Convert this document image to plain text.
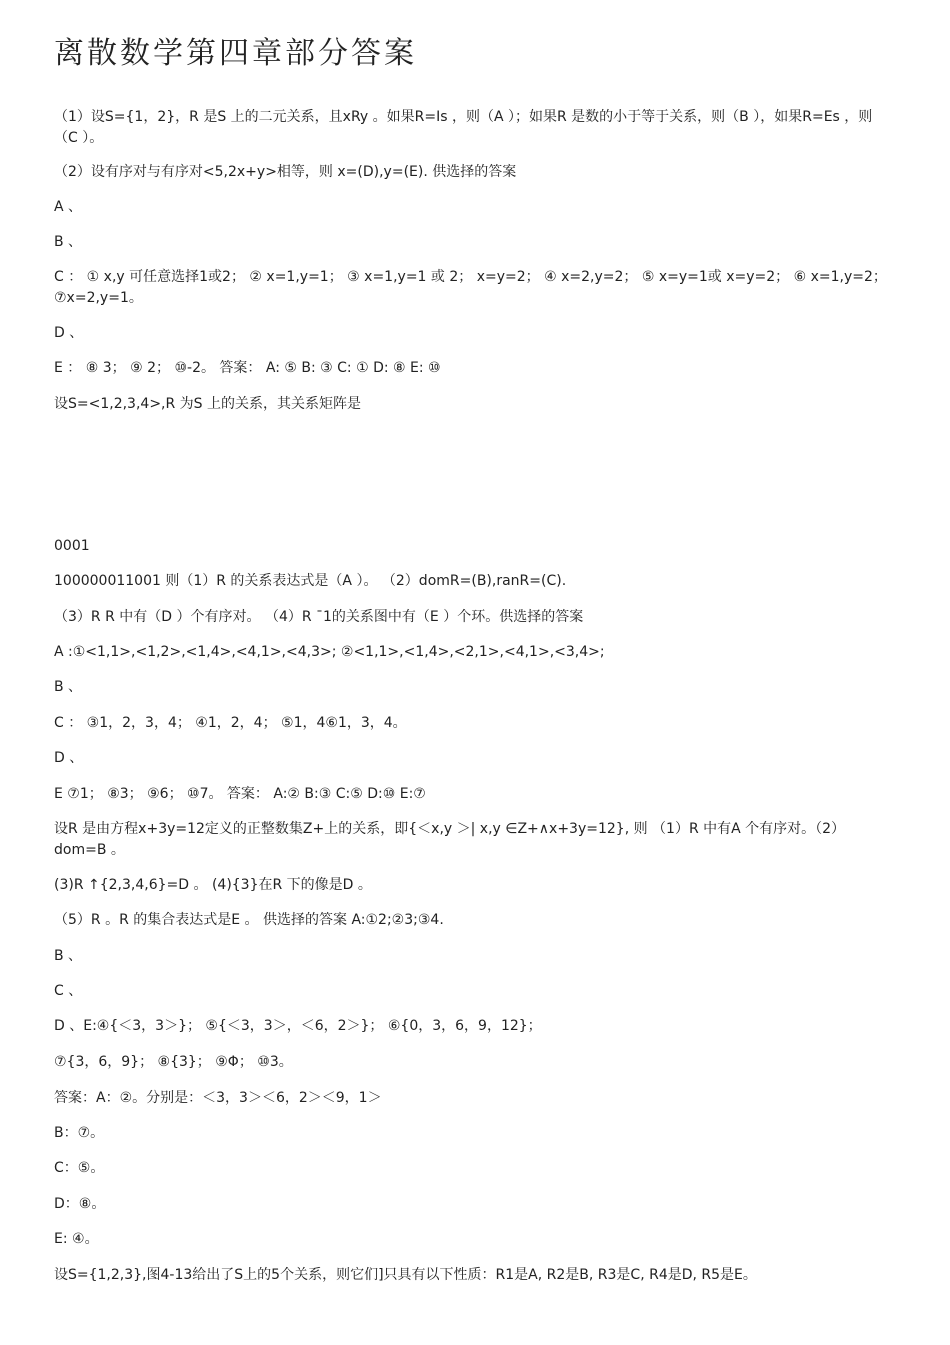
离散数学第四章部分答案
（1）设S={1，2}，R 是S 上的二元关系，且xRy 。如果R=Is ，则（A ）；如果R 是数的小于等于关系，则（B ），如果R=Es ，则（C ）。
（2）设有序对与有序对<5,2x+y>相等，则 x=(D),y=(E). 供选择的答案
A 、
B 、
C ： ① x,y 可任意选择1或2； ② x=1,y=1； ③ x=1,y=1 或 2； x=y=2； ④ x=2,y=2； ⑤ x=y=1或 x=y=2； ⑥ x=1,y=2； ⑦x=2,y=1。
D 、
E ： ⑧ 3； ⑨ 2； ⑩-2。 答案： A: ⑤ B: ③ C: ① D: ⑧ E: ⑩
设S=<1,2,3,4>,R 为S 上的关系，其关系矩阵是
0001
100000011001 则（1）R 的关系表达式是（A ）。 （2）domR=(B),ranR=(C).
（3）R R 中有（D ）个有序对。 （4）R ˉ1的关系图中有（E ）个环。供选择的答案
A :①<1,1>,<1,2>,<1,4>,<4,1>,<4,3>; ②<1,1>,<1,4>,<2,1>,<4,1>,<3,4>;
B 、
C ： ③1，2，3，4； ④1，2，4； ⑤1，4⑥1，3，4。
D 、
E ⑦1； ⑧3； ⑨6； ⑩7。 答案： A:② B:③ C:⑤ D:⑩ E:⑦
设R 是由方程x+3y=12定义的正整数集Z+上的关系，即{＜x,y ＞| x,y ∈Z+∧x+3y=12}, 则 （1）R 中有A 个有序对。（2）dom=B 。
(3)R ↑{2,3,4,6}=D 。 (4){3}在R 下的像是D 。
（5）R 。R 的集合表达式是E 。 供选择的答案 A:①2;②3;③4.
B 、
C 、
D 、E:④{＜3，3＞}； ⑤{＜3，3＞，＜6，2＞}； ⑥{0，3，6，9，12}；
⑦{3，6，9}； ⑧{3}； ⑨Φ； ⑩3。
答案：A：②。分别是：＜3，3＞＜6，2＞＜9，1＞
B：⑦。
C：⑤。
D：⑧。
E: ④。
设S={1,2,3},图4-13给出了S上的5个关系，则它们]只具有以下性质：R1是A, R2是B, R3是C, R4是D, R5是E。
